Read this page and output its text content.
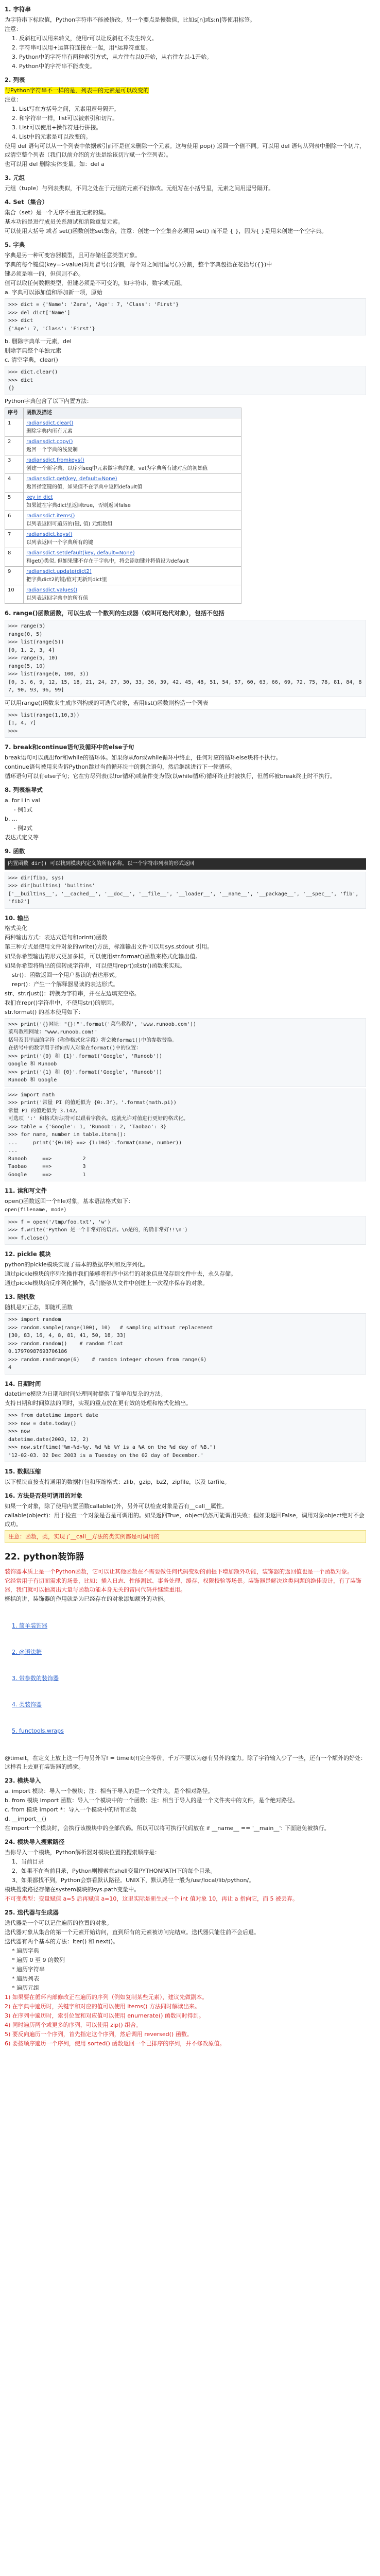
1. 字符串
为字符串下标取值，Python字符串不能被修改。另一个要点是慢数值，比如s[n]或s:n]等使用标签。
注意：
1. 反斜杠可以用来转义，使用r可以让反斜杠不发生转义。
2. 字符串可以用+运算符连接在一起，用*运算符重复。
3. Python中的字符串有两种索引方式，从左往右以0开始，从右往左以-1开始。
4. Python中的字符串不能改变。
2. 列表
与Python字符串不一样的是，列表中的元素是可以改变的
注意：
1. List写在方括号之间，元素用逗号隔开。
2. 和字符串一样，list可以被索引和切片。
3. List可以使用+操作符进行拼接。
4. List中的元素是可以改变的。
使用 del 语句可以从一个列表中依据索引而不是值来删除一个元素。这与使用 pop() 返回一个值不同。可以用 del 语句从列表中删除一个切片，或清空整个列表（我们以前介绍的方法是给该切片赋一个空列表）。
也可以用 del 删除实体变量。如：del a
3. 元组
元组（tuple）与列表类似，不同之处在于元组的元素不能修改。元组写在小括号里，元素之间用逗号隔开。
4. Set（集合）
集合（set）是一个无序不重复元素的集。
基本功能是进行成员关系测试和消除重复元素。
可以使用大括号 或者 set()函数创建set集合，注意：创建一个空集合必须用 set() 而不是 { }，因为{ }是用来创建一个空字典。
5. 字典
字典是另一种可变容器模型，且可存储任意类型对象。
字典的每个键值(key=>value)对用冒号(:)分割，每个对之间用逗号(,)分割，整个字典包括在花括号({})中
键必须是唯一的，但值则不必。
值可以取任何数据类型，但键必须是不可变的，如字符串，数字或元组。
a. 字典可以添加值和添加新一项，原始
>>> dict = {'Name': 'Zara', 'Age': 7, 'Class': 'First'}
>>> del dict['Name']
>>> dict
{'Age': 7, 'Class': 'First'}
b. 删除字典单一元素，del
删除字典整个单独元素
c. 清空字典，clear()
>>> dict.clear()
>>> dict
{}
Python字典包含了以下内置方法：
序号	函数及描述
1	radiansdict.clear()
删除字典内所有元素
2	radiansdict.copy()
返回一个字典的浅复制
3	radiansdict.fromkeys()
创建一个新字典，以序列seq中元素做字典的键，val为字典所有键对应的初始值
4	radiansdict.get(key, default=None)
返回指定键的值，如果值不在字典中返回default值
5	key in dict
如果键在字典dict里返回true，否则返回false
6	radiansdict.items()
以列表返回可遍历的(键, 值) 元组数组
7	radiansdict.keys()
以列表返回一个字典所有的键
8	radiansdict.setdefault(key, default=None)
和get()类似, 但如果键不存在于字典中，将会添加键并将值设为default
9	radiansdict.update(dict2)
把字典dict2的键/值对更新到dict里
10	radiansdict.values()
以列表返回字典中的所有值
6. range()函数函数，可以生成一个数列的生成器（或叫可迭代对象），包括不包括
>>> range(5)
range(0, 5)
>>> list(range(5))
[0, 1, 2, 3, 4]
>>> range(5, 10)
range(5, 10)
>>> list(range(0, 100, 3))
[0, 3, 6, 9, 12, 15, 18, 21, 24, 27, 30, 33, 36, 39, 42, 45, 48, 51, 54, 57, 60, 63, 66, 69, 72, 75, 78, 81, 84, 87, 90, 93, 96, 99]
可以用range()函数来生成序列构成的可迭代对象，若用list()函数则构造一个列表
>>> list(range(1,10,3))
[1, 4, 7]
>>>
7. break和continue语句及循环中的else子句
break语句可以跳出for和while的循环体。如果你从for或while循环中终止，任何对应的循环else块将不执行。
continue语句被用来告诉Python跳过当前循环块中的剩余语句，然后继续进行下一轮循环。
循环语句可以有else子句；它在穷尽列表(以for循环)或条件变为假(以while循环)循环终止时被执行，但循环被break终止时不执行。
8. 列表推导式
a. for i in val
- 例1式
b. ...
- 例2式
表达式定义等
9. 函数
内置函数 dir() 可以找到模块内定义的所有名称。以一个字符串列表的形式返回
>>> dir(fibo, sys)
>>> dir(builtins) 'builtins'
['__builtins__', '__cached__', '__doc__', '__file__', '__loader__', '__name__', '__package__', '__spec__', 'fib', 'fib2']
10. 输出
格式美化
两种输出方式：表达式语句和print()函数
第三种方式是使用文件对象的write()方法，标准输出文件可以用sys.stdout 引用。
如果你希望输出的形式更加多样，可以使用str.format()函数来格式化输出值。
如果你希望将输出的值转成字符串，可以使用repr()或str()函数来实现。
str()：函数返回一个用户易读的表达形式。
repr()：产生一个解释器易读的表达形式。
str、str.rjust()：转换为字符串，并在左边填充空格。
我们在repr()字符串中，不使用str()的原因。
str.format() 的基本使用如下：
>>> print('{}网址："{}!"'.format('菜鸟教程', 'www.runoob.com'))
菜鸟教程网址："www.runoob.com!"
括号及其里面的字符（称作格式化字段）将会被format()中的参数替换。
在括号中的数字用于指向传入对象在format()中的位置：
>>> print('{0} 和 {1}'.format('Google', 'Runoob'))
Google 和 Runoob
>>> print('{1} 和 {0}'.format('Google', 'Runoob'))
Runoob 和 Google
>>> import math
>>> print('常量 PI 的值近似为 {0:.3f}。'.format(math.pi))
常量 PI 的值近似为 3.142。
可选项 ':' 和格式标识符可以跟着字段名。这就允许对值进行更好的格式化。
>>> table = {'Google': 1, 'Runoob': 2, 'Taobao': 3}
>>> for name, number in table.items():
...     print('{0:10} ==> {1:10d}'.format(name, number))
...
Runoob     ==>          2
Taobao     ==>          3
Google     ==>          1
11. 读和写文件
open()函数返回一个file对象，基本语法格式如下：
open(filename, mode)
>>> f = open('/tmp/foo.txt', 'w')
>>> f.write('Python 是一个非常好的语言。\n是的，的确非常好!!\n')
>>> f.close()
12. pickle 模块
python的pickle模块实现了基本的数据序列和反序列化。
通过pickle模块的序列化操作我们能够将程序中运行的对象信息保存到文件中去，永久存储。
通过pickle模块的反序列化操作，我们能够从文件中创建上一次程序保存的对象。
13. 随机数
随机是对正态，即随机函数
>>> import random
>>> random.sample(range(100), 10)   # sampling without replacement
[30, 83, 16, 4, 8, 81, 41, 50, 18, 33]
>>> random.random()    # random float
0.17970987693706186
>>> random.randrange(6)    # random integer chosen from range(6)
4
14. 日期时间
datetime模块为日期和时间处理同时提供了简单和复杂的方法。
支持日期和时间算法的同时，实现的重点放在更有效的处理和格式化输出。
>>> from datetime import date
>>> now = date.today()
>>> now
datetime.date(2003, 12, 2)
>>> now.strftime("%m-%d-%y. %d %b %Y is a %A on the %d day of %B.")
'12-02-03. 02 Dec 2003 is a Tuesday on the 02 day of December.'
15. 数据压缩
以下模块直接支持通用的数据打包和压缩格式：zlib，gzip，bz2，zipfile，以及 tarfile。
16. 方法是否是可调用的对象
如果一个对象，除了使用内置函数callable()外，另外可以检查对象是否有__call__属性。
callable(object)：用于检查一个对象是否是可调用的。如果返回True，object仍然可能调用失败；但如果返回False，调用对象object绝对不会成功。
注意：函数，类，实现了__call__方法的类实例都是可调用的
22. python装饰器
装饰器本质上是一个Python函数，它可以让其他函数在不需要做任何代码变动的前提下增加额外功能，装饰器的返回值也是一个函数对象。
它经常用于有切面需求的场景，比如：插入日志、性能测试、事务处理、缓存、权限校验等场景。装饰器是解决这类问题的绝佳设计，有了装饰器，我们就可以抽离出大量与函数功能本身无关的雷同代码并继续重用。
概括的讲，装饰器的作用就是为已经存在的对象添加额外的功能。

1. 简单装饰器

2. @语法糖

3. 带参数的装饰器

4. 类装饰器

5. functools.wraps

@timeit，在定义上放上这一行与另外写f = timeit(f)完全等价，千万不要以为@有另外的魔力。除了字符输入少了一些，还有一个额外的好处：这样看上去更有装饰器的感觉。
23. 模块导入
a. import 模块：导入一个模块；注：相当于导入的是一个文件夹，是个相对路径。
b. from 模块 import 函数：导入一个模块中的一个函数；注：相当于导入的是一个文件夹中的文件，是个绝对路径。
c. from 模块 import *：导入一个模块中的所有函数
d. __import__()
在import一个模块时，会执行该模块中的全部代码。所以可以将可执行代码放在 if __name__ == '__main__': 下面避免被执行。
24. 模块导入搜索路径
当你导入一个模块，Python解析器对模块位置的搜索顺序是：
1、当前目录
2、如果不在当前目录，Python则搜索在shell变量PYTHONPATH下的每个目录。
3、如果都找不到，Python会察看默认路径。UNIX下，默认路径一般为/usr/local/lib/python/。
模块搜索路径存储在system模块的sys.path变量中。
不可变类型：变量赋值 a=5 后再赋值 a=10，这里实际是新生成一个 int 值对象 10，再让 a 指向它，而 5 被丢弃。
25. 迭代器与生成器
迭代器是一个可以记住遍历的位置的对象。
迭代器对象从集合的第一个元素开始访问，直到所有的元素被访问完结束。迭代器只能往前不会后退。
迭代器有两个基本的方法：iter() 和 next()。
* 遍历字典
* 遍历 0 至 9 的数列
* 遍历字符串
* 遍历列表
* 遍历元组
1) 如果要在循环内部修改正在遍历的序列（例如复制某些元素），建议先做副本。
2) 在字典中遍历时，关键字和对应的值可以使用 items() 方法同时解读出来。
3) 在序列中遍历时，索引位置和对应值可以使用 enumerate() 函数同时得到。
4) 同时遍历两个或更多的序列，可以使用 zip() 组合。
5) 要反向遍历一个序列，首先指定这个序列，然后调用 reversed() 函数。
6) 要按顺序遍历一个序列，使用 sorted() 函数返回一个已排序的序列，并不修改原值。
